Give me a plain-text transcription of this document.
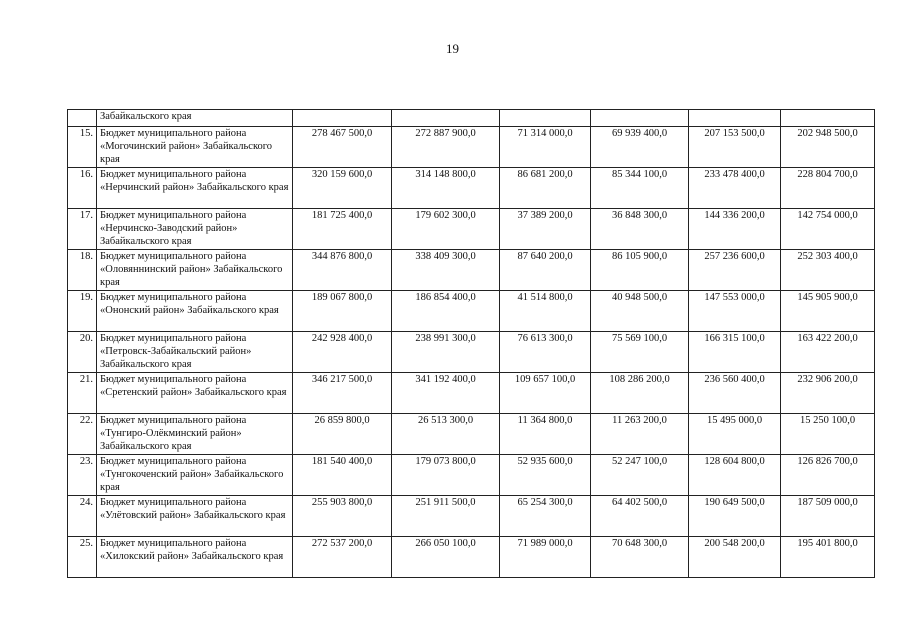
19
	Забайкальского края						
15.	Бюджет муниципального района «Могочинский район» Забайкальского края	278 467 500,0	272 887 900,0	71 314 000,0	69 939 400,0	207 153 500,0	202 948 500,0
16.	Бюджет муниципального района «Нерчинский район» Забайкальского края	320 159 600,0	314 148 800,0	86 681 200,0	85 344 100,0	233 478 400,0	228 804 700,0
17.	Бюджет муниципального района «Нерчинско-Заводский район» Забайкальского края	181 725 400,0	179 602 300,0	37 389 200,0	36 848 300,0	144 336 200,0	142 754 000,0
18.	Бюджет муниципального района «Оловяннинский район» Забайкальского края	344 876 800,0	338 409 300,0	87 640 200,0	86 105 900,0	257 236 600,0	252 303 400,0
19.	Бюджет муниципального района «Ононский район» Забайкальского края	189 067 800,0	186 854 400,0	41 514 800,0	40 948 500,0	147 553 000,0	145 905 900,0
20.	Бюджет муниципального района «Петровск-Забайкальский район» Забайкальского края	242 928 400,0	238 991 300,0	76 613 300,0	75 569 100,0	166 315 100,0	163 422 200,0
21.	Бюджет муниципального района «Сретенский район» Забайкальского края	346 217 500,0	341 192 400,0	109 657 100,0	108 286 200,0	236 560 400,0	232 906 200,0
22.	Бюджет муниципального района «Тунгиро-Олёкминский район» Забайкальского края	26 859 800,0	26 513 300,0	11 364 800,0	11 263 200,0	15 495 000,0	15 250 100,0
23.	Бюджет муниципального района «Тунгокоченский район» Забайкальского края	181 540 400,0	179 073 800,0	52 935 600,0	52 247 100,0	128 604 800,0	126 826 700,0
24.	Бюджет муниципального района «Улётовский район» Забайкальского края	255 903 800,0	251 911 500,0	65 254 300,0	64 402 500,0	190 649 500,0	187 509 000,0
25.	Бюджет муниципального района «Хилокский район» Забайкальского края	272 537 200,0	266 050 100,0	71 989 000,0	70 648 300,0	200 548 200,0	195 401 800,0
